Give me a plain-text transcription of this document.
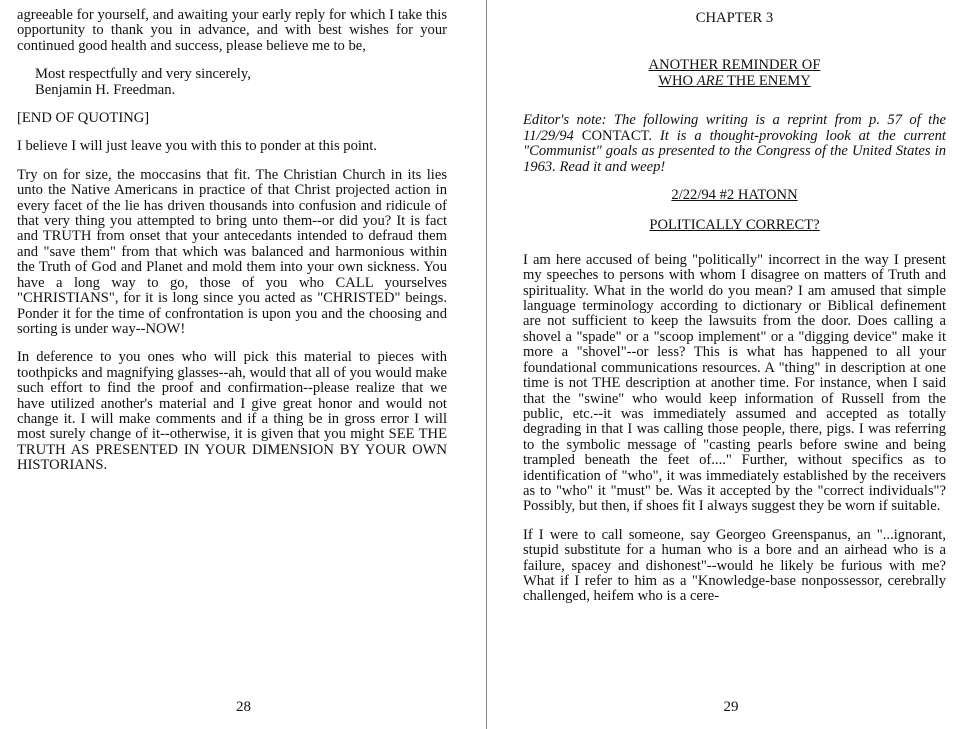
agreeable for yourself, and awaiting your early reply for which I take this opportunity to thank you in advance, and with best wishes for your continued good health and success, please believe me to be,

Most respectfully and very sincerely,

Benjamin H. Freedman.

[END OF QUOTING]

I believe I will just leave you with this to ponder at this point.

Try on for size, the moccasins that fit. The Christian Church in its lies unto the Native Americans in practice of that Christ projected action in every facet of the lie has driven thousands into confusion and ridicule of that very thing you attempted to bring unto them--or did you? It is fact and TRUTH from onset that your antecedants intended to defraud them and "save them" from that which was balanced and harmonious within the Truth of God and Planet and mold them into your own sickness. You have a long way to go, those of you who CALL yourselves "CHRISTIANS", for it is long since you acted as "CHRISTED" beings. Ponder it for the time of confrontation is upon you and the choosing and sorting is under way--NOW!

In deference to you ones who will pick this material to pieces with toothpicks and magnifying glasses--ah, would that all of you would make such effort to find the proof and confirmation--please realize that we have utilized another's material and I give great honor and would not change it. I will make comments and if a thing be in gross error I will most surely change of it--otherwise, it is given that you might SEE THE TRUTH AS PRESENTED IN YOUR DIMENSION BY YOUR OWN HISTORIANS.

28

CHAPTER 3

ANOTHER REMINDER OF
WHO ARE THE ENEMY

Editor's note: The following writing is a reprint from p. 57 of the 11/29/94 CONTACT. It is a thought-provoking look at the current "Communist" goals as presented to the Congress of the United States in 1963. Read it and weep!

2/22/94 #2 HATONN

POLITICALLY CORRECT?

I am here accused of being "politically" incorrect in the way I present my speeches to persons with whom I disagree on matters of Truth and spirituality. What in the world do you mean? I am amused that simple language terminology according to dictionary or Biblical definement are not sufficient to keep the lawsuits from the door. Does calling a shovel a "spade" or a "scoop implement" or a "digging device" make it more a "shovel"--or less? This is what has happened to all your foundational communications resources. A "thing" in description at one time is not THE description at another time. For instance, when I said that the "swine" who would keep information of Russell from the public, etc.--it was immediately assumed and accepted as totally degrading in that I was calling those people, there, pigs. I was referring to the symbolic message of "casting pearls before swine and being trampled beneath the feet of...." Further, without specifics as to identification of "who", it was immediately established by the receivers as to "who" it "must" be. Was it accepted by the "correct individuals"? Possibly, but then, if shoes fit I always suggest they be worn if suitable.

If I were to call someone, say Georgeo Greenspanus, an "...ignorant, stupid substitute for a human who is a bore and an airhead who is a failure, spacey and dishonest"--would he likely be furious with me? What if I refer to him as a "Knowledge-base nonpossessor, cerebrally challenged, heifem who is a cere-

29
